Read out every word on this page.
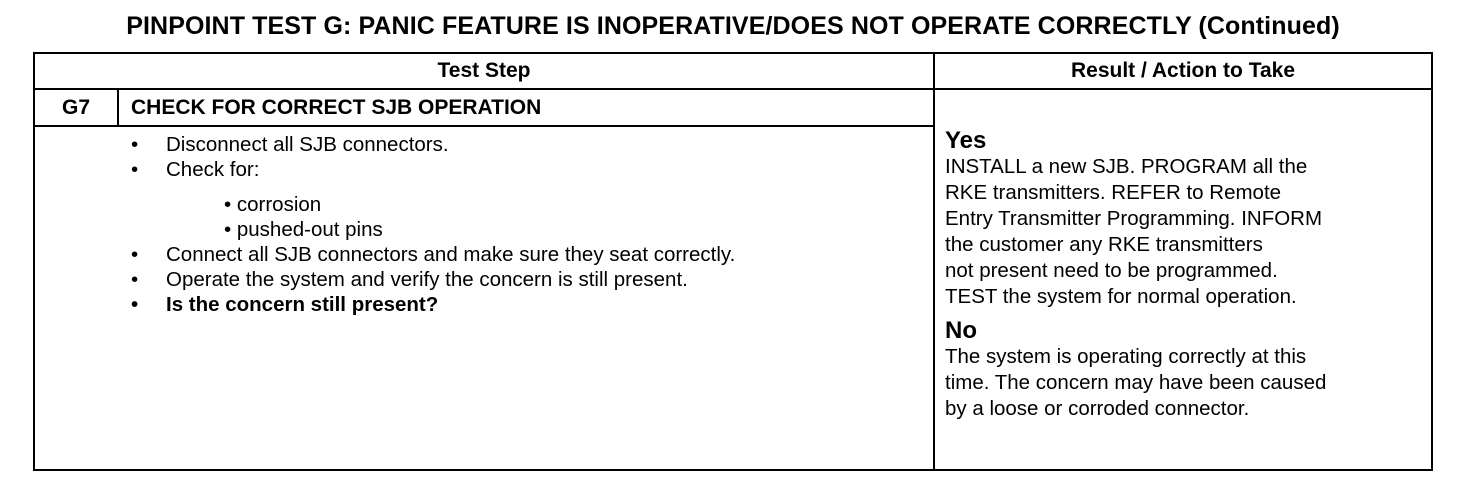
PINPOINT TEST G: PANIC FEATURE IS INOPERATIVE/DOES NOT OPERATE CORRECTLY (Continued)
Test Step	Result / Action to Take
G7	CHECK FOR CORRECT SJB OPERATION
• Disconnect all SJB connectors.
• Check for:
• corrosion
• pushed-out pins
• Connect all SJB connectors and make sure they seat correctly.
• Operate the system and verify the concern is still present.
• Is the concern still present?
Yes
INSTALL a new SJB. PROGRAM all the
RKE transmitters. REFER to Remote
Entry Transmitter Programming. INFORM
the customer any RKE transmitters
not present need to be programmed.
TEST the system for normal operation.
No
The system is operating correctly at this
time. The concern may have been caused
by a loose or corroded connector.
